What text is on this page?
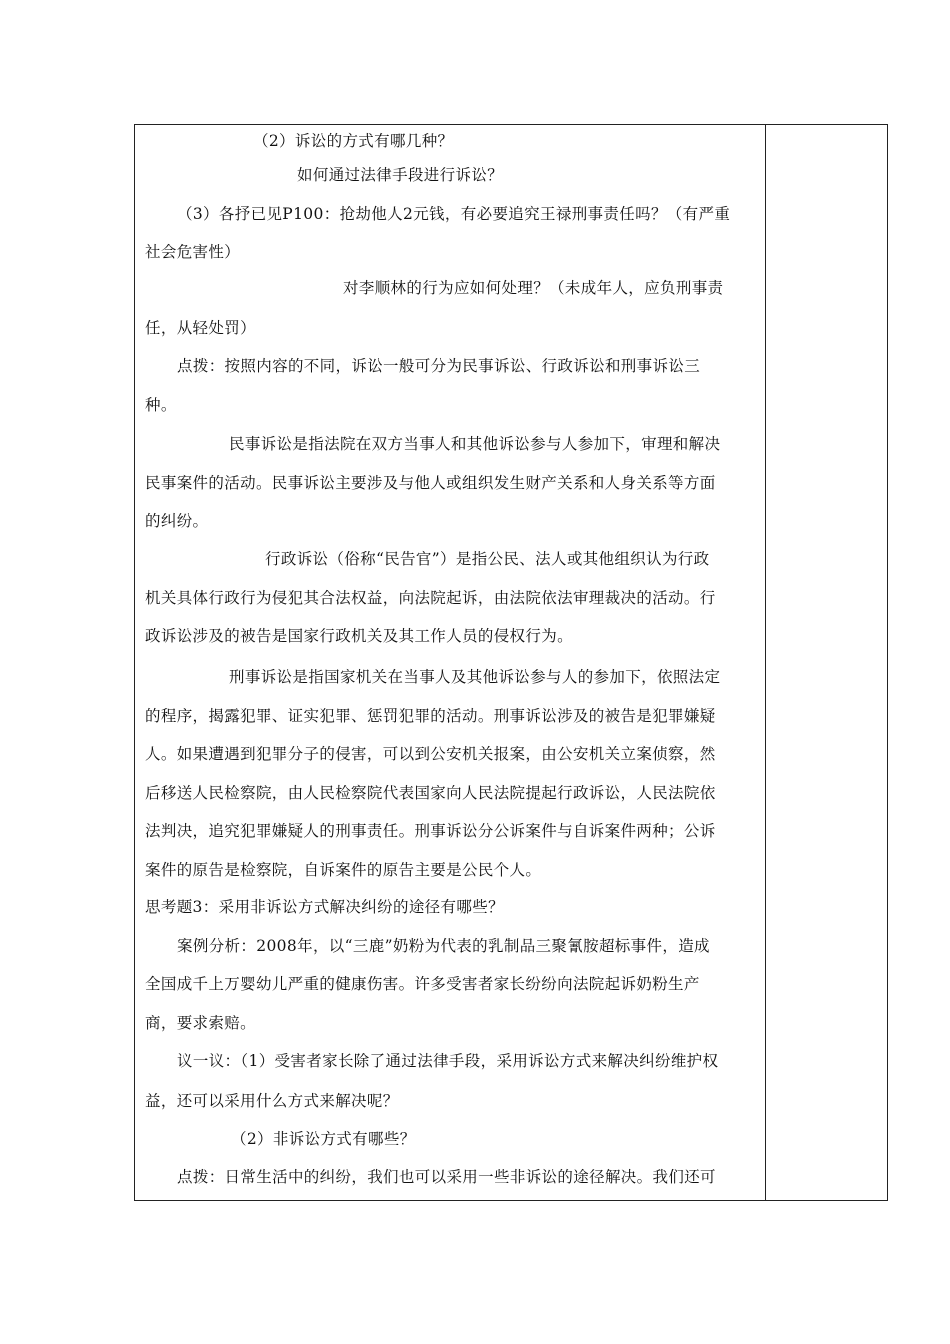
（2）诉讼的方式有哪几种？
如何通过法律手段进行诉讼？
（3）各抒已见P100：抢劫他人2元钱，有必要追究王禄刑事责任吗？（有严重
社会危害性）
对李顺林的行为应如何处理？（未成年人，应负刑事责
任，从轻处罚）
点拨：按照内容的不同，诉讼一般可分为民事诉讼、行政诉讼和刑事诉讼三
种。
民事诉讼是指法院在双方当事人和其他诉讼参与人参加下，审理和解决
民事案件的活动。民事诉讼主要涉及与他人或组织发生财产关系和人身关系等方面
的纠纷。
行政诉讼（俗称“民告官”）是指公民、法人或其他组织认为行政
机关具体行政行为侵犯其合法权益，向法院起诉，由法院依法审理裁决的活动。行
政诉讼涉及的被告是国家行政机关及其工作人员的侵权行为。
刑事诉讼是指国家机关在当事人及其他诉讼参与人的参加下，依照法定
的程序，揭露犯罪、证实犯罪、惩罚犯罪的活动。刑事诉讼涉及的被告是犯罪嫌疑
人。如果遭遇到犯罪分子的侵害，可以到公安机关报案，由公安机关立案侦察，然
后移送人民检察院，由人民检察院代表国家向人民法院提起行政诉讼，人民法院依
法判决，追究犯罪嫌疑人的刑事责任。刑事诉讼分公诉案件与自诉案件两种；公诉
案件的原告是检察院，自诉案件的原告主要是公民个人。
思考题3：采用非诉讼方式解决纠纷的途径有哪些？
案例分析：2008年，以“三鹿”奶粉为代表的乳制品三聚氰胺超标事件，造成
全国成千上万婴幼儿严重的健康伤害。许多受害者家长纷纷向法院起诉奶粉生产
商，要求索赔。
议一议：（1）受害者家长除了通过法律手段，采用诉讼方式来解决纠纷维护权
益，还可以采用什么方式来解决呢？
（2）非诉讼方式有哪些？
点拨：日常生活中的纠纷，我们也可以采用一些非诉讼的途径解决。我们还可
